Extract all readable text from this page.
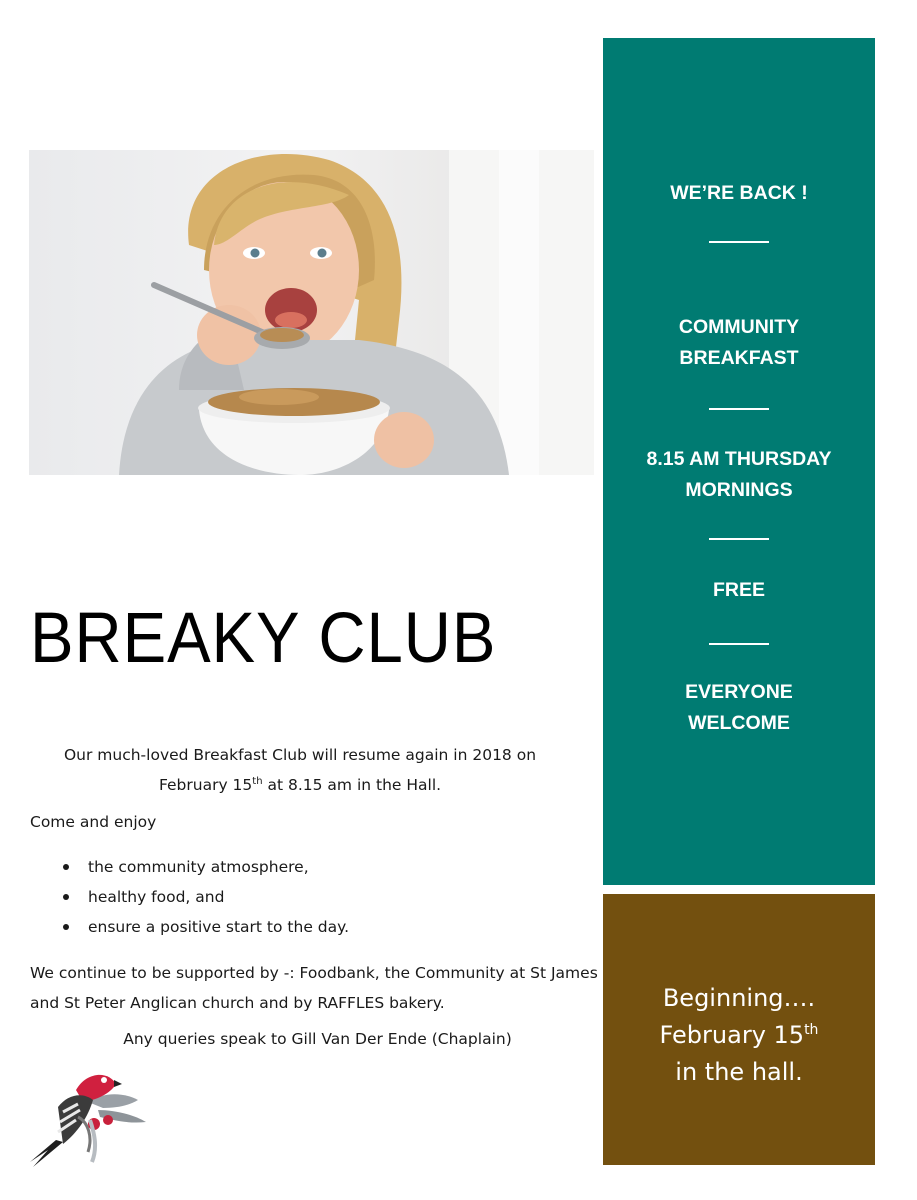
BREAKY CLUB

Our much-loved Breakfast Club will resume again in 2018 on
February 15th at 8.15 am in the Hall.

Come and enjoy

the community atmosphere,
healthy food, and
ensure a positive start to the day.

We continue to be supported by -: Foodbank, the Community at St James and St Peter Anglican church and by RAFFLES bakery.

Any queries speak to Gill Van Der Ende (Chaplain)

WE’RE BACK !

COMMUNITY
BREAKFAST

8.15 AM THURSDAY
MORNINGS

FREE

EVERYONE
WELCOME

Beginning….
February 15th
in the hall.
